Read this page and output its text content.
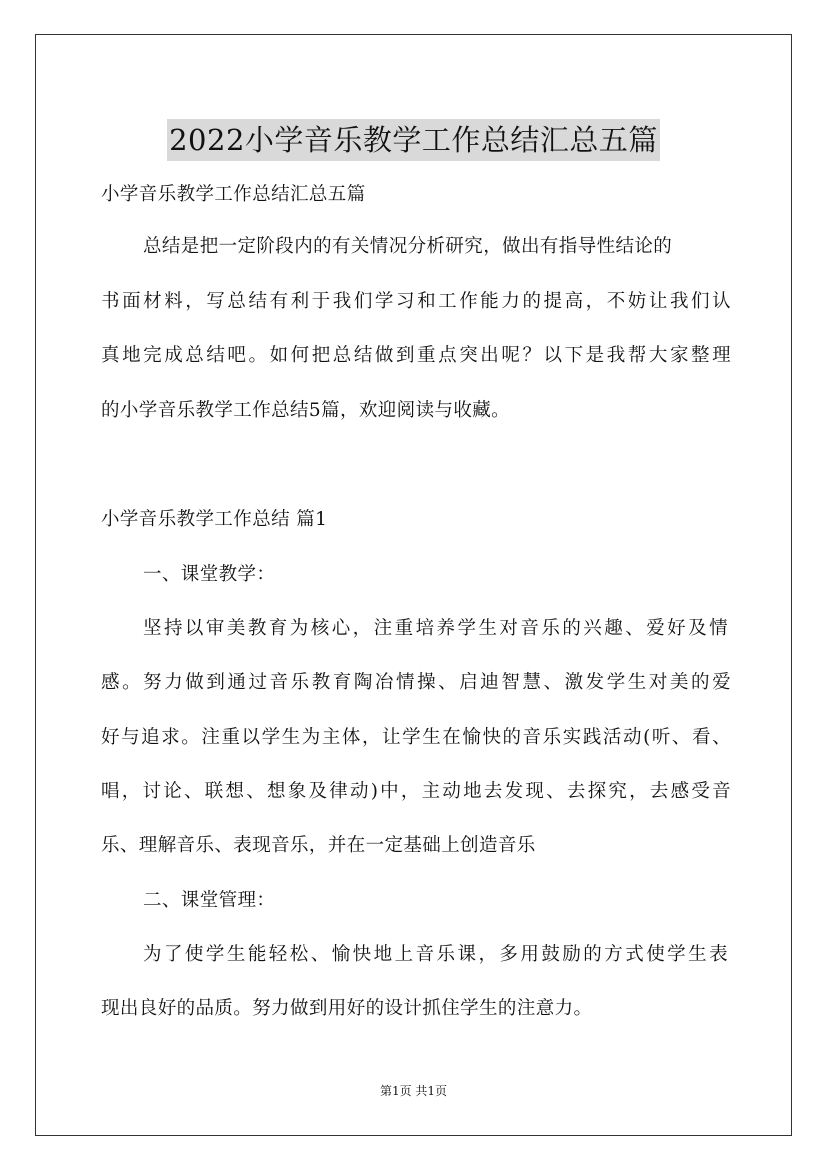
2022小学音乐教学工作总结汇总五篇
小学音乐教学工作总结汇总五篇
总结是把一定阶段内的有关情况分析研究，做出有指导性结论的
书面材料，写总结有利于我们学习和工作能力的提高，不妨让我们认
真地完成总结吧。如何把总结做到重点突出呢？以下是我帮大家整理
的小学音乐教学工作总结5篇，欢迎阅读与收藏。
小学音乐教学工作总结 篇1
一、课堂教学：
坚持以审美教育为核心，注重培养学生对音乐的兴趣、爱好及情
感。努力做到通过音乐教育陶冶情操、启迪智慧、激发学生对美的爱
好与追求。注重以学生为主体，让学生在愉快的音乐实践活动(听、看、
唱，讨论、联想、想象及律动)中，主动地去发现、去探究，去感受音
乐、理解音乐、表现音乐，并在一定基础上创造音乐
二、课堂管理：
为了使学生能轻松、愉快地上音乐课，多用鼓励的方式使学生表
现出良好的品质。努力做到用好的设计抓住学生的注意力。
第1页 共1页
